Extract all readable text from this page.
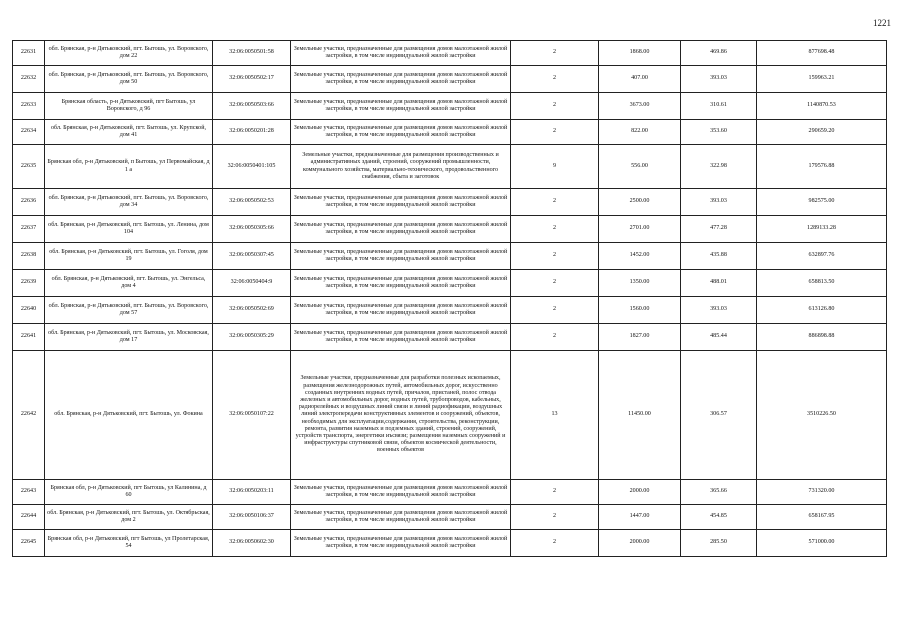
1221
22631	обл. Брянская, р-н Дятьковский, пгт. Бытошь, ул. Воровского, дом 22	32:06:0050501:58	Земельные участки, предназначенные для размещения домов малоэтажной жилой застройки, в том числе индивидуальной жилой застройки	2	1868.00	469.86	877698.48
22632	обл. Брянская, р-н Дятьковский, пгт. Бытошь, ул. Воровского, дом 50	32:06:0050502:17	Земельные участки, предназначенные для размещения домов малоэтажной жилой застройки, в том числе индивидуальной жилой застройки	2	407.00	393.03	159963.21
22633	Брянская область, р-н Дятьковский, пгт Бытошь, ул Воровского, д 96	32:06:0050503:66	Земельные участки, предназначенные для размещения домов малоэтажной жилой застройки, в том числе индивидуальной жилой застройки	2	3673.00	310.61	1140870.53
22634	обл. Брянская, р-н Дятьковский, пгт. Бытошь, ул. Крупской, дом 41	32:06:0050201:28	Земельные участки, предназначенные для размещения домов малоэтажной жилой застройки, в том числе индивидуальной жилой застройки	2	822.00	353.60	290659.20
22635	Брянская обл, р-н Дятьковский, п Бытошь, ул Первомайская, д 1 а	32:06:0050401:105	Земельные участки, предназначенные для размещения производственных и административных зданий, строений, сооружений промышленности, коммунального хозяйства, материально-технического, продовольственного снабжения, сбыта и заготовок	9	556.00	322.98	179576.88
22636	обл. Брянская, р-н Дятьковский, пгт. Бытошь, ул. Воровского, дом 34	32:06:0050502:53	Земельные участки, предназначенные для размещения домов малоэтажной жилой застройки, в том числе индивидуальной жилой застройки	2	2500.00	393.03	982575.00
22637	обл. Брянская, р-н Дятьковский, пгт. Бытошь, ул. Ленина, дом 104	32:06:0050305:66	Земельные участки, предназначенные для размещения домов малоэтажной жилой застройки, в том числе индивидуальной жилой застройки	2	2701.00	477.28	1289133.28
22638	обл. Брянская, р-н Дятьковский, пгт. Бытошь, ул. Гоголя, дом 19	32:06:0050307:45	Земельные участки, предназначенные для размещения домов малоэтажной жилой застройки, в том числе индивидуальной жилой застройки	2	1452.00	435.88	632897.76
22639	обл. Брянская, р-н Дятьковский, пгт. Бытошь, ул. Энгельса, дом 4	32:06:0050404:9	Земельные участки, предназначенные для размещения домов малоэтажной жилой застройки, в том числе индивидуальной жилой застройки	2	1350.00	488.01	658813.50
22640	обл. Брянская, р-н Дятьковский, пгт. Бытошь, ул. Воровского, дом 57	32:06:0050502:69	Земельные участки, предназначенные для размещения домов малоэтажной жилой застройки, в том числе индивидуальной жилой застройки	2	1560.00	393.03	613126.80
22641	обл. Брянская, р-н Дятьковский, пгт. Бытошь, ул. Московская, дом 17	32:06:0050305:29	Земельные участки, предназначенные для размещения домов малоэтажной жилой застройки, в том числе индивидуальной жилой застройки	2	1827.00	485.44	886898.88
22642	обл. Брянская, р-н Дятьковский, пгт. Бытошь, ул. Фокина	32:06:0050107:22	Земельные участки, предназначенные для разработки полезных ископаемых, размещения железнодорожных путей, автомобильных дорог, искусственно созданных внутренних водных путей, причалов, пристаней, полос отвода железных и автомобильных дорог, водных путей, трубопроводов, кабельных, радиорелейных и воздушных линий связи и линий радиофикации, воздушных линий электропередачи конструктивных элементов и сооружений, объектов, необходимых для эксплуатации,содержания, строительства, реконструкции, ремонта, развития наземных и подземных зданий, строений, сооружений, устройств транспорта, энергетики иъсвязи; размещения наземных сооружений и инфраструктуры спутниковой связи, объектов космической деятельности, военных объектов	13	11450.00	306.57	3510226.50
22643	Брянская обл, р-н Дятьковский, пгт Бытошь, ул Калинина, д 60	32:06:0050203:11	Земельные участки, предназначенные для размещения домов малоэтажной жилой застройки, в том числе индивидуальной жилой застройки	2	2000.00	365.66	731320.00
22644	обл. Брянская, р-н Дятьковский, пгт. Бытошь, ул. Октябрьская, дом 2	32:06:0050106:37	Земельные участки, предназначенные для размещения домов малоэтажной жилой застройки, в том числе индивидуальной жилой застройки	2	1447.00	454.85	658167.95
22645	Брянская обл, р-н Дятьковский, пгт Бытошь, ул Пролетарская, 54	32:06:0050602:30	Земельные участки, предназначенные для размещения домов малоэтажной жилой застройки, в том числе индивидуальной жилой застройки	2	2000.00	285.50	571000.00
